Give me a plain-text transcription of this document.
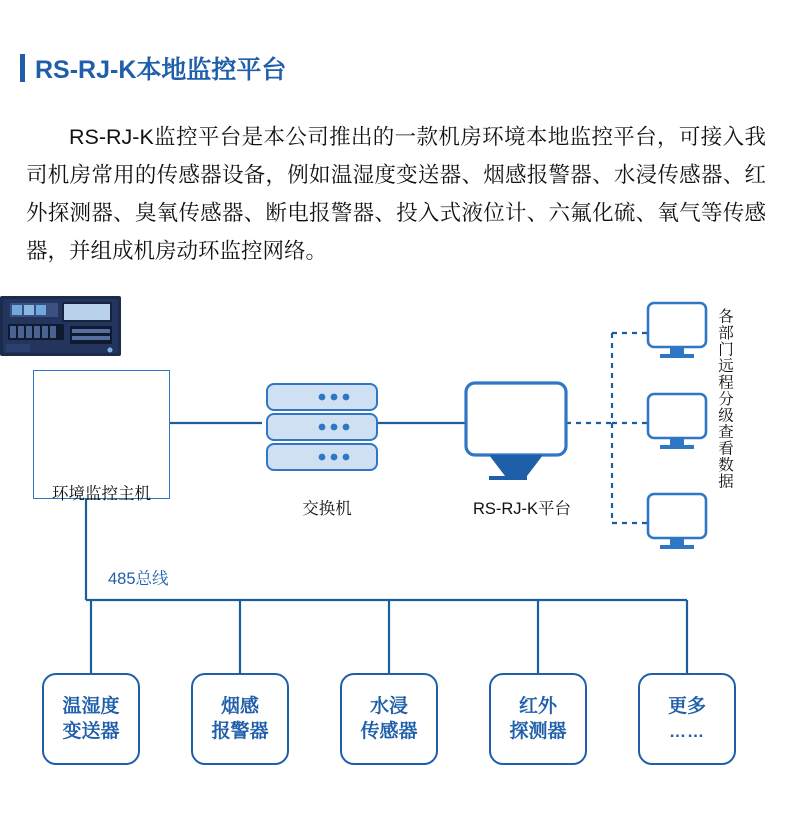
RS-RJ-K本地监控平台
RS-RJ-K监控平台是本公司推出的一款机房环境本地监控平台，可接入我司机房常用的传感器设备，例如温湿度变送器、烟感报警器、水浸传感器、红外探测器、臭氧传感器、断电报警器、投入式液位计、六氟化硫、氧气等传感器，并组成机房动环监控网络。
环境监控主机
交换机	RS-RJ-K平台
485总线
各部门远程分级查看数据
温湿度
变送器
烟感
报警器
水浸
传感器
红外
探测器
更多
……
